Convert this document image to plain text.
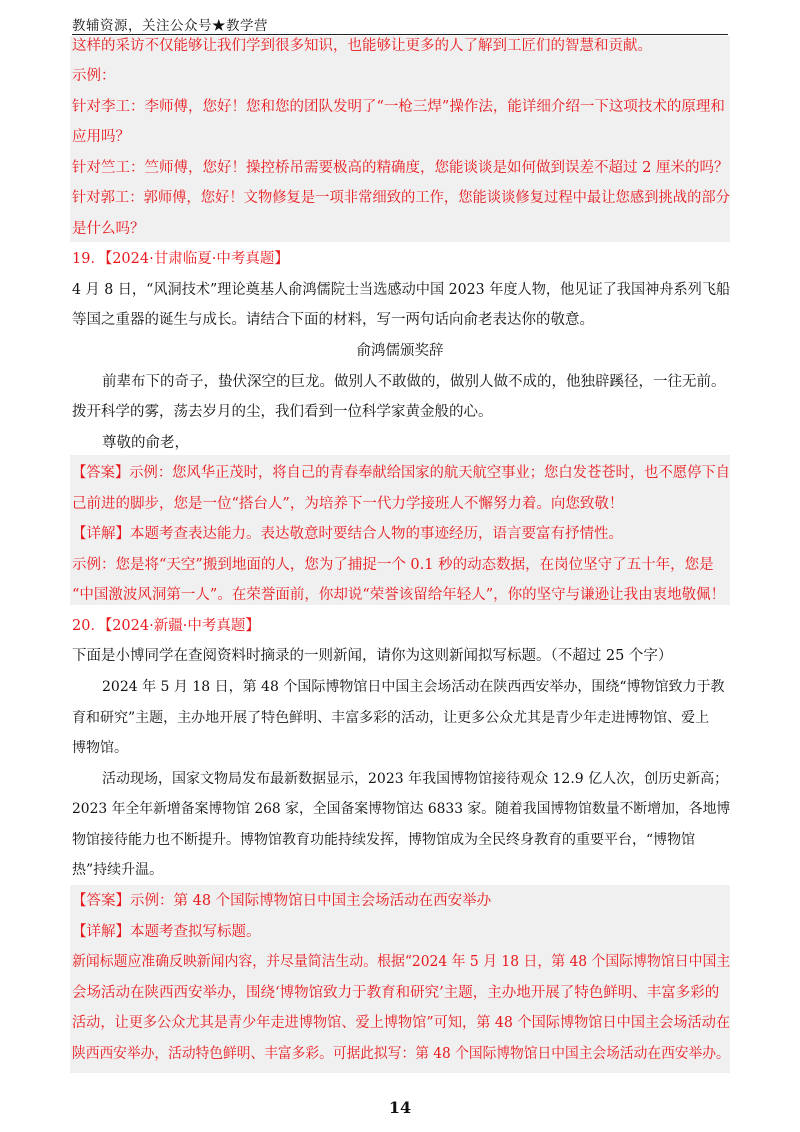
教辅资源，关注公众号★教学营
这样的采访不仅能够让我们学到很多知识，也能够让更多的人了解到工匠们的智慧和贡献。
示例：
针对李工：李师傅，您好！您和您的团队发明了“一枪三焊”操作法，能详细介绍一下这项技术的原理和
应用吗？
针对竺工：竺师傅，您好！操控桥吊需要极高的精确度，您能谈谈是如何做到误差不超过 2 厘米的吗？
针对郭工：郭师傅，您好！文物修复是一项非常细致的工作，您能谈谈修复过程中最让您感到挑战的部分
是什么吗？
19．【2024·甘肃临夏·中考真题】
4 月 8 日，“风洞技术”理论奠基人俞鸿儒院士当选感动中国 2023 年度人物，他见证了我国神舟系列飞船
等国之重器的诞生与成长。请结合下面的材料，写一两句话向俞老表达你的敬意。
俞鸿儒颁奖辞
前辈布下的奇子，蛰伏深空的巨龙。做别人不敢做的，做别人做不成的，他独辟蹊径，一往无前。
拨开科学的雾，荡去岁月的尘，我们看到一位科学家黄金般的心。
尊敬的俞老，
【答案】示例：您风华正茂时，将自己的青春奉献给国家的航天航空事业；您白发苍苍时，也不愿停下自
己前进的脚步，您是一位“搭台人”，为培养下一代力学接班人不懈努力着。向您致敬！
【详解】本题考查表达能力。表达敬意时要结合人物的事迹经历，语言要富有抒情性。
示例：您是将“天空”搬到地面的人，您为了捕捉一个 0.1 秒的动态数据，在岗位坚守了五十年，您是
“中国激波风洞第一人”。在荣誉面前，你却说“荣誉该留给年轻人”，你的坚守与谦逊让我由衷地敬佩！
20．【2024·新疆·中考真题】
下面是小博同学在查阅资料时摘录的一则新闻，请你为这则新闻拟写标题。（不超过 25 个字）
2024 年 5 月 18 日，第 48 个国际博物馆日中国主会场活动在陕西西安举办，围绕“博物馆致力于教
育和研究”主题，主办地开展了特色鲜明、丰富多彩的活动，让更多公众尤其是青少年走进博物馆、爱上
博物馆。
活动现场，国家文物局发布最新数据显示，2023 年我国博物馆接待观众 12.9 亿人次，创历史新高；
2023 年全年新增备案博物馆 268 家，全国备案博物馆达 6833 家。随着我国博物馆数量不断增加，各地博
物馆接待能力也不断提升。博物馆教育功能持续发挥，博物馆成为全民终身教育的重要平台，“博物馆
热”持续升温。
【答案】示例：第 48 个国际博物馆日中国主会场活动在西安举办
【详解】本题考查拟写标题。
新闻标题应准确反映新闻内容，并尽量简洁生动。根据“2024 年 5 月 18 日，第 48 个国际博物馆日中国主
会场活动在陕西西安举办，围绕‘博物馆致力于教育和研究’主题，主办地开展了特色鲜明、丰富多彩的
活动，让更多公众尤其是青少年走进博物馆、爱上博物馆”可知，第 48 个国际博物馆日中国主会场活动在
陕西西安举办，活动特色鲜明、丰富多彩。可据此拟写：第 48 个国际博物馆日中国主会场活动在西安举办。
14
